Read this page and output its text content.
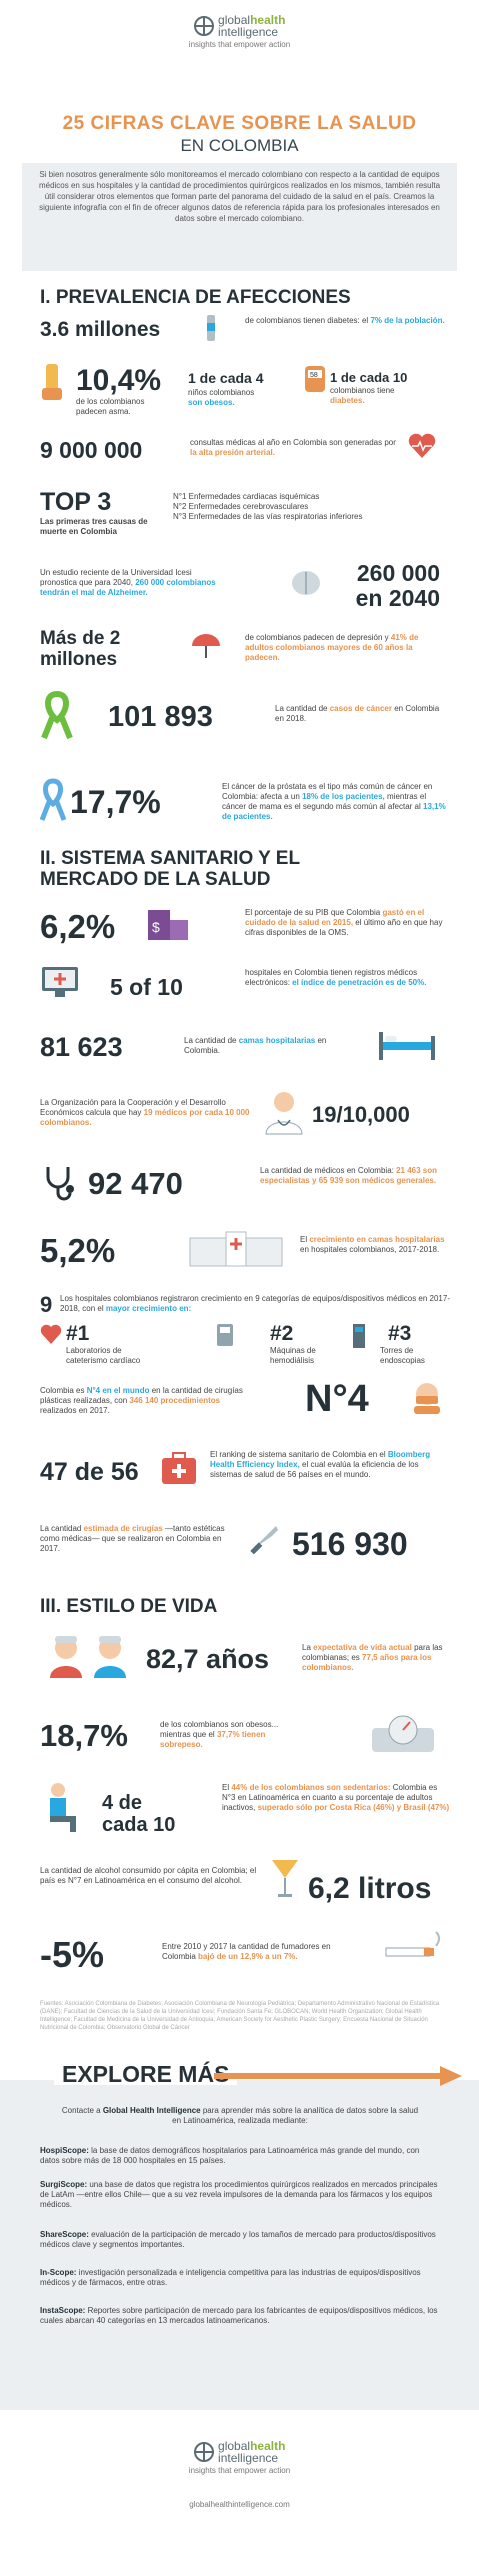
globalhealth
intelligence
insights that empower action
25 CIFRAS CLAVE SOBRE LA SALUD
EN COLOMBIA
Si bien nosotros generalmente sólo monitoreamos el mercado colombiano con respecto a la cantidad de equipos médicos en sus hospitales y la cantidad de procedimientos quirúrgicos realizados en los mismos, también resulta útil considerar otros elementos que forman parte del panorama del cuidado de la salud en el país. Creamos la siguiente infografía con el fin de ofrecer algunos datos de referencia rápida para los profesionales interesados en datos sobre el mercado colombiano.
I. PREVALENCIA DE AFECCIONES
3.6 millones	de colombianos tienen diabetes: el 7% de la población.
10,4%
de los colombianos padecen asma.
1 de cada 4
niños colombianos son obesos.
58 1 de cada 10
colombianos tiene diabetes.
9 000 000	consultas médicas al año en Colombia son generadas por la alta presión arterial.
TOP 3
Las primeras tres causas de muerte en Colombia
N°1 Enfermedades cardiacas isquémicas
N°2 Enfermedades cerebrovasculares
N°3 Enfermedades de las vías respiratorias inferiores
Un estudio reciente de la Universidad Icesi pronostica que para 2040, 260 000 colombianos tendrán el mal de Alzheimer.
260 000
en 2040
Más de 2
millones
de colombianos padecen de depresión y 41% de adultos colombianos mayores de 60 años la padecen.
101 893	La cantidad de casos de cáncer en Colombia en 2018.
17,7%	El cáncer de la próstata es el tipo más común de cáncer en Colombia: afecta a un 18% de los pacientes, mientras el cáncer de mama es el segundo más común al afectar al 13,1% de pacientes.
II. SISTEMA SANITARIO Y EL
MERCADO DE LA SALUD
6,2%	$
El porcentaje de su PIB que Colombia gastó en el cuidado de la salud en 2015, el último año en que hay cifras disponibles de la OMS.
5 of 10
hospitales en Colombia tienen registros médicos electrónicos: el índice de penetración es de 50%.
81 623	La cantidad de camas hospitalarias en Colombia.
La Organización para la Cooperación y el Desarrollo Económicos calcula que hay 19 médicos por cada 10 000 colombianos.	19/10,000
92 470	La cantidad de médicos en Colombia: 21 463 son especialistas y 65 939 son médicos generales.
5,2%	El crecimiento en camas hospitalarias en hospitales colombianos, 2017-2018.
9 Los hospitales colombianos registraron crecimiento en 9 categorías de equipos/dispositivos médicos en 2017-2018, con el mayor crecimiento en:
#1
Laboratorios de cateterismo cardíaco
#2
Máquinas de hemodiálisis
#3
Torres de endoscopias
Colombia es N°4 en el mundo en la cantidad de cirugías plásticas realizadas, con 346 140 procedimientos realizados en 2017.	N°4
47 de 56
El ranking de sistema sanitario de Colombia en el Bloomberg Health Efficiency Index, el cual evalúa la eficiencia de los sistemas de salud de 56 países en el mundo.
La cantidad estimada de cirugías —tanto estéticas como médicas— que se realizaron en Colombia en 2017.	516 930
III. ESTILO DE VIDA
82,7 años	La expectativa de vida actual para las colombianas; es 77,5 años para los colombianos.
18,7%	de los colombianos son obesos... mientras que el 37,7% tienen sobrepeso.
4 de
cada 10
El 44% de los colombianos son sedentarios: Colombia es N°3 en Latinoamérica en cuanto a su porcentaje de adultos inactivos, superado sólo por Costa Rica (46%) y Brasil (47%)
La cantidad de alcohol consumido por cápita en Colombia; el país es N°7 en Latinoamérica en el consumo del alcohol.	6,2 litros
-5%	Entre 2010 y 2017 la cantidad de fumadores en Colombia bajó de un 12,9% a un 7%.
Fuentes: Asociación Colombiana de Diabetes; Asociación Colombiana de Neurología Pediátrica; Departamento Administrativo Nacional de Estadística (DANE); Facultad de Ciencias de la Salud de la Universidad Icesi; Fundación Santa Fe; GLOBOCAN; World Health Organization; Global Health Intelligence; Facultad de Medicina de la Universidad de Antioquia; American Society for Aesthetic Plastic Surgery; Encuesta Nacional de Situación Nutricional de Colombia; Observatorio Global de Cáncer
EXPLORE MÁS
Contacte a Global Health Intelligence para aprender más sobre la analítica de datos sobre la salud en Latinoamérica, realizada mediante:
HospiScope: la base de datos demográficos hospitalarios para Latinoamérica más grande del mundo, con datos sobre más de 18 000 hospitales en 15 países.
SurgiScope: una base de datos que registra los procedimientos quirúrgicos realizados en mercados principales de LatAm —entre ellos Chile— que a su vez revela impulsores de la demanda para los fármacos y los equipos médicos.
ShareScope: evaluación de la participación de mercado y los tamaños de mercado para productos/dispositivos médicos clave y segmentos importantes.
In-Scope: investigación personalizada e inteligencia competitiva para las industrias de equipos/dispositivos médicos y de fármacos, entre otras.
InstaScope: Reportes sobre participación de mercado para los fabricantes de equipos/dispositivos médicos, los cuales abarcan 40 categorías en 13 mercados latinoamericanos.
globalhealth
intelligence
insights that empower action
globalhealthintelligence.com
